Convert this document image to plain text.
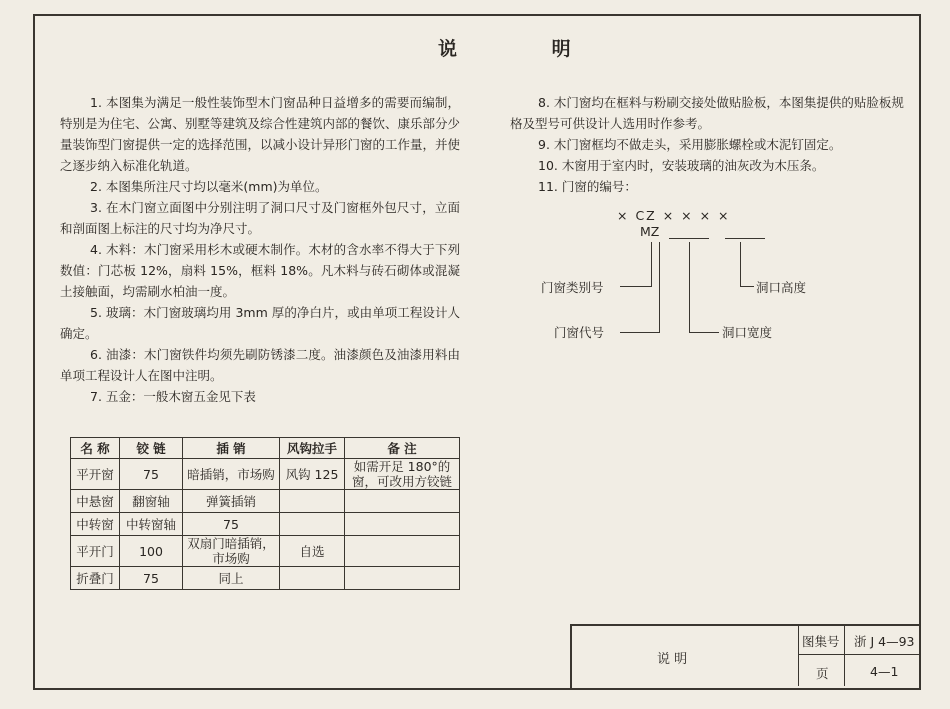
说 明

1. 本图集为满足一般性装饰型木门窗品种日益增多的需要而编制，特别是为住宅、公寓、别墅等建筑及综合性建筑内部的餐饮、康乐部分少量装饰型门窗提供一定的选择范围，以减小设计异形门窗的工作量，并使之逐步纳入标准化轨道。

2. 本图集所注尺寸均以毫米(mm)为单位。

3. 在木门窗立面图中分别注明了洞口尺寸及门窗框外包尺寸，立面和剖面图上标注的尺寸均为净尺寸。

4. 木料：木门窗采用杉木或硬木制作。木材的含水率不得大于下列数值：门芯板 12%，扇料 15%，框料 18%。凡木料与砖石砌体或混凝土接触面，均需刷水柏油一度。

5. 玻璃：木门窗玻璃均用 3mm 厚的净白片，或由单项工程设计人确定。

6. 油漆：木门窗铁件均须先刷防锈漆二度。油漆颜色及油漆用料由单项工程设计人在图中注明。

7. 五金：一般木窗五金见下表

名 称	铰 链	插 销	风钩拉手	备 注
平开窗	75	暗插销，市场购	风钩 125	如需开足 180°的窗，可改用方铰链
中悬窗	翻窗轴	弹簧插销		
中转窗	中转窗轴	75		
平开门	100	双扇门暗插销，市场购	自选	
折叠门	75	同上		

8. 木门窗均在框料与粉刷交接处做贴脸板，本图集提供的贴脸板规格及型号可供设计人选用时作参考。

9. 木门窗框均不做走头，采用膨胀螺栓或木泥钉固定。

10. 木窗用于室内时，安装玻璃的油灰改为木压条。

11. 门窗的编号：

× CZ × × × ×
MZ
门窗类别号
门窗代号	洞口宽度
洞口高度
说 明
图集号 浙 J 4—93
页	4—1
